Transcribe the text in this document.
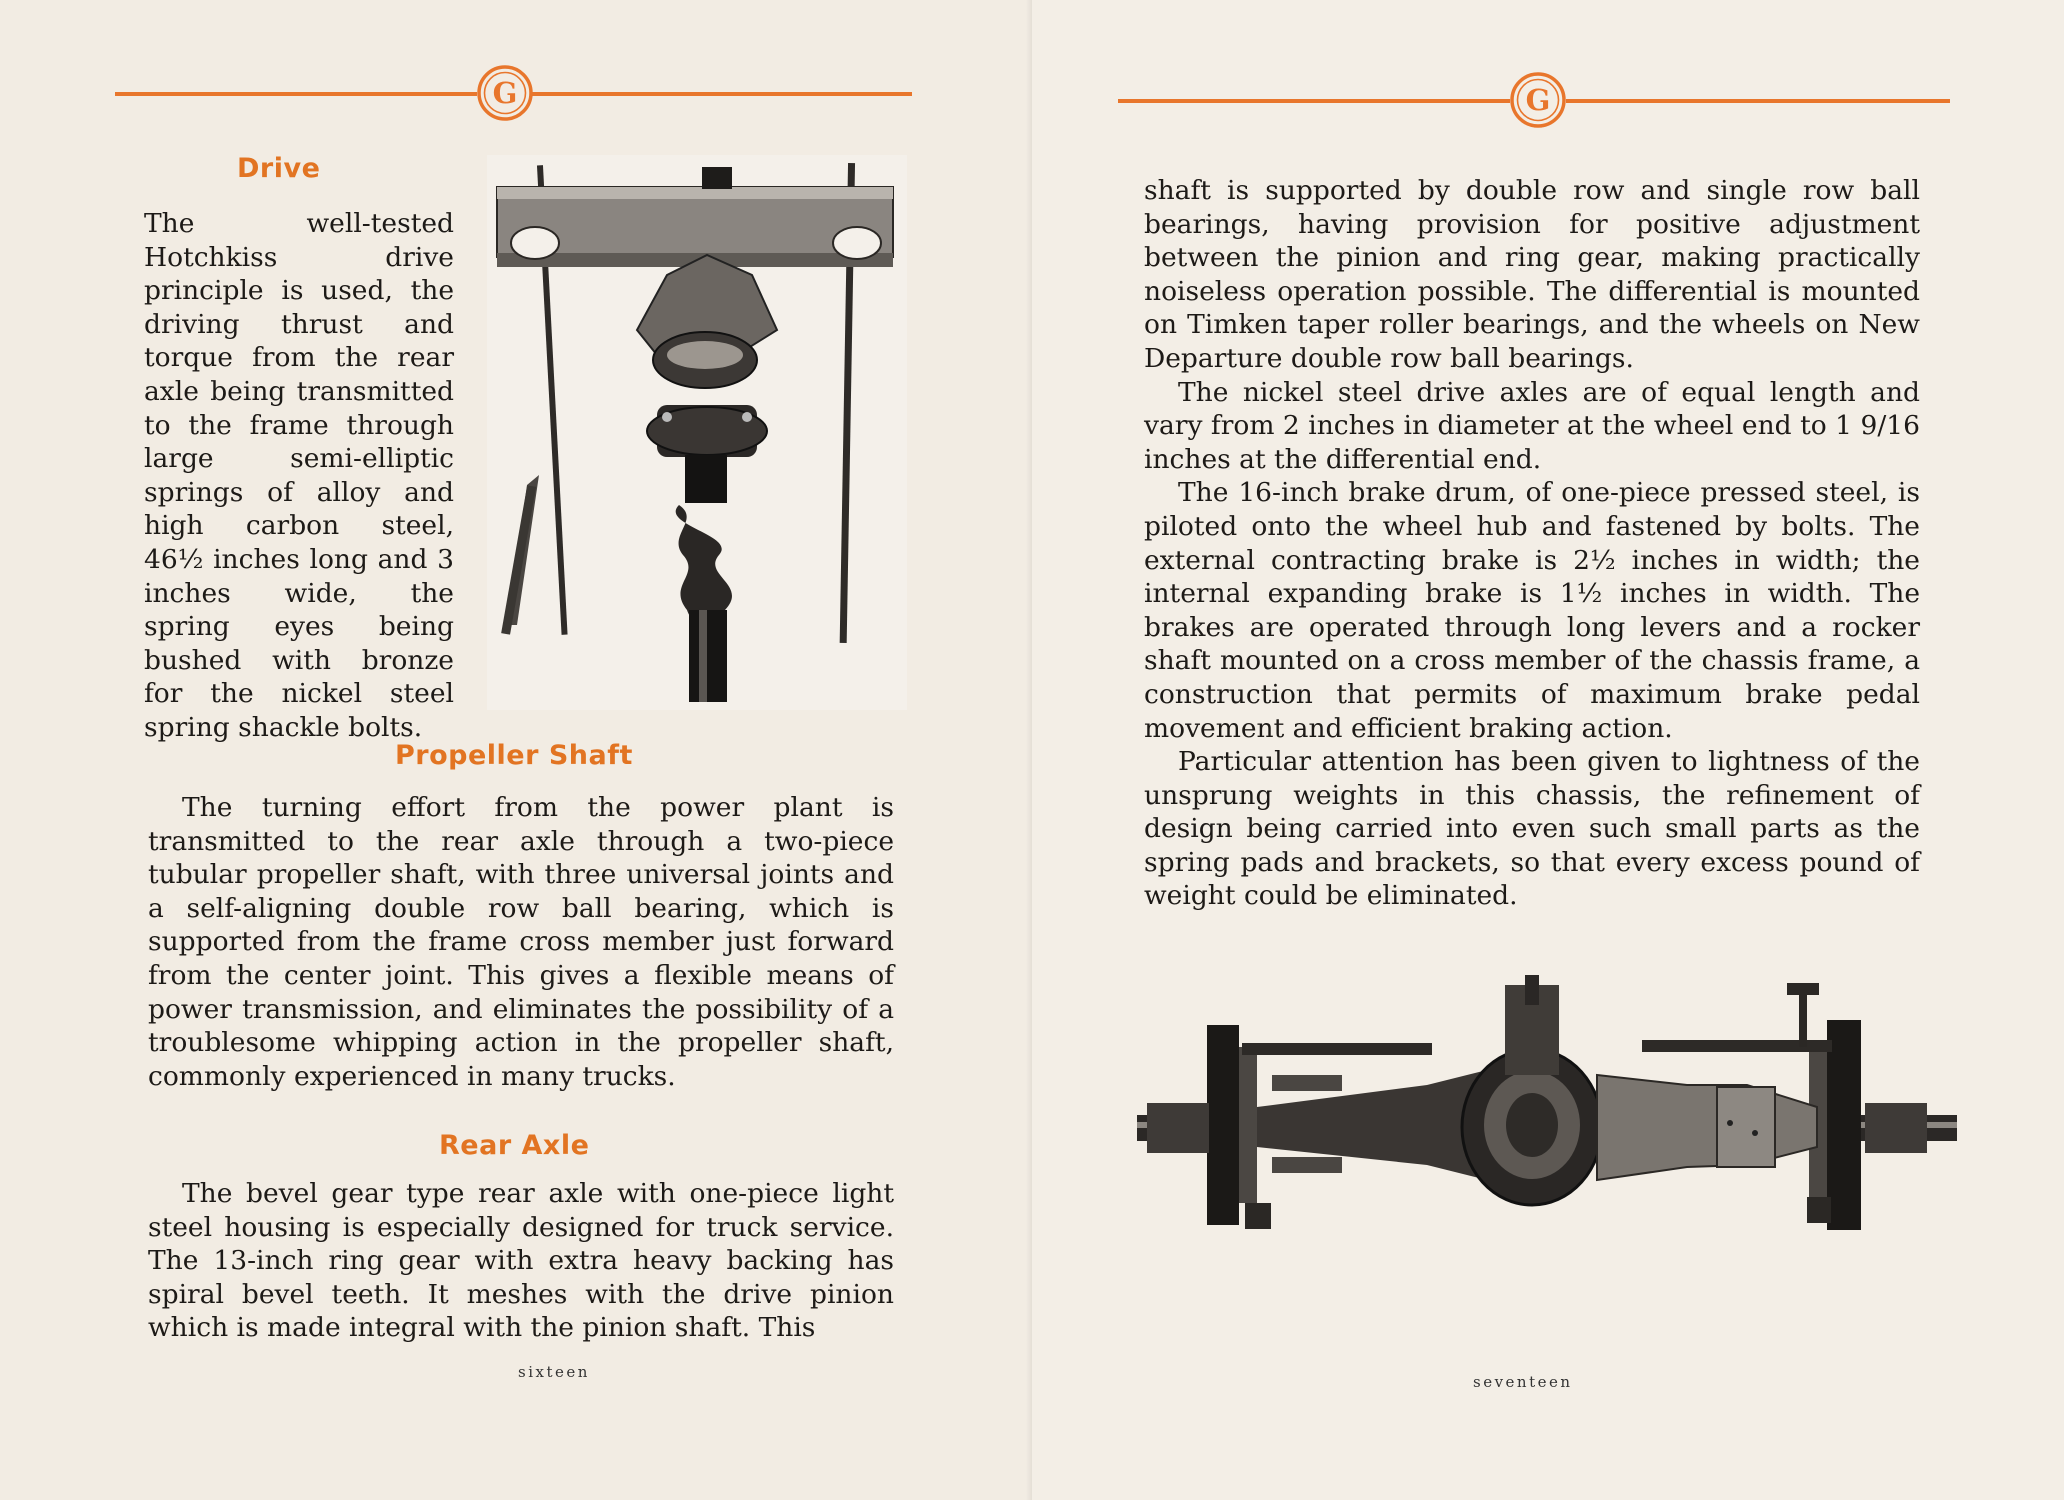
G
Drive

The well-tested Hotchkiss drive principle is used, the driving thrust and torque from the rear axle being transmitted to the frame through large semi-elliptic springs of alloy and high carbon steel, 46½ inches long and 3 inches wide, the spring eyes being bushed with bronze for the nickel steel spring shackle bolts.

Propeller Shaft

The turning effort from the power plant is transmitted to the rear axle through a two-piece tubular propeller shaft, with three universal joints and a self-aligning double row ball bearing, which is supported from the frame cross member just forward from the center joint. This gives a flexible means of power transmission, and eliminates the possibility of a troublesome whipping action in the propeller shaft, commonly experienced in many trucks.

Rear Axle

The bevel gear type rear axle with one-piece light steel housing is especially designed for truck service. The 13-inch ring gear with extra heavy backing has spiral bevel teeth. It meshes with the drive pinion which is made integral with the pinion shaft. This

sixteen
G

shaft is supported by double row and single row ball bearings, having provision for positive adjustment between the pinion and ring gear, making practically noiseless operation possible. The differential is mounted on Timken taper roller bearings, and the wheels on New Departure double row ball bearings.

The nickel steel drive axles are of equal length and vary from 2 inches in diameter at the wheel end to 1 9/16 inches at the differential end.

The 16-inch brake drum, of one-piece pressed steel, is piloted onto the wheel hub and fastened by bolts. The external contracting brake is 2½ inches in width; the internal expanding brake is 1½ inches in width. The brakes are operated through long levers and a rocker shaft mounted on a cross member of the chassis frame, a construction that permits of maximum brake pedal movement and efficient braking action.

Particular attention has been given to lightness of the unsprung weights in this chassis, the refinement of design being carried into even such small parts as the spring pads and brackets, so that every excess pound of weight could be eliminated.

seventeen
